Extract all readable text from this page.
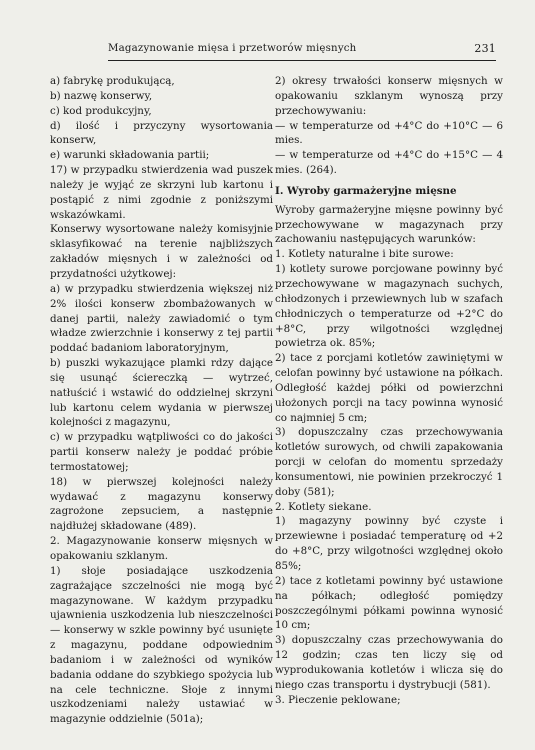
Magazynowanie mięsa i przetworów mięsnych	231

a) fabrykę produkującą,

b) nazwę konserwy,

c) kod produkcyjny,

d) ilość i przyczyny wysortowania konserw,

e) warunki składowania partii;

17) w przypadku stwierdzenia wad puszek należy je wyjąć ze skrzyni lub kartonu i postąpić z nimi zgodnie z poniższymi wskazówkami.

Konserwy wysortowane należy komisyjnie sklasyfikować na terenie najbliższych zakładów mięsnych i w zależności od przydatności użytkowej:

a) w przypadku stwierdzenia większej niż 2% ilości konserw zbombażowanych w danej partii, należy zawiadomić o tym władze zwierzchnie i konserwy z tej partii poddać badaniom laboratoryjnym,

b) puszki wykazujące plamki rdzy dające się usunąć ściereczką — wytrzeć, natłuścić i wstawić do oddzielnej skrzyni lub kartonu celem wydania w pierwszej kolejności z magazynu,

c) w przypadku wątpliwości co do jakości partii konserw należy je poddać próbie termostatowej;

18) w pierwszej kolejności należy wydawać z magazynu konserwy zagrożone zepsuciem, a następnie najdłużej składowane (489).

2. Magazynowanie konserw mięsnych w opakowaniu szklanym.

1) słoje posiadające uszkodzenia zagrażające szczelności nie mogą być magazynowane. W każdym przypadku ujawnienia uszkodzenia lub nieszczelności — konserwy w szkle powinny być usunięte z magazynu, poddane odpowiednim badaniom i w zależności od wyników badania oddane do szybkiego spożycia lub na cele techniczne. Słoje z innymi uszkodzeniami należy ustawiać w magazynie oddzielnie (501a);

2) okresy trwałości konserw mięsnych w opakowaniu szklanym wynoszą przy przechowywaniu:

— w temperaturze od +4°C do +10°C — 6 mies.

— w temperaturze od +4°C do +15°C — 4 mies. (264).

I. Wyroby garmażeryjne mięsne

Wyroby garmażeryjne mięsne powinny być przechowywane w magazynach przy zachowaniu następujących warunków:

1. Kotlety naturalne i bite surowe:

1) kotlety surowe porcjowane powinny być przechowywane w magazynach suchych, chłodzonych i przewiewnych lub w szafach chłodniczych o temperaturze od +2°C do +8°C, przy wilgotności względnej powietrza ok. 85%;

2) tace z porcjami kotletów zawiniętymi w celofan powinny być ustawione na półkach. Odległość każdej półki od powierzchni ułożonych porcji na tacy powinna wynosić co najmniej 5 cm;

3) dopuszczalny czas przechowywania kotletów surowych, od chwili zapakowania porcji w celofan do momentu sprzedaży konsumentowi, nie powinien przekroczyć 1 doby (581);

2. Kotlety siekane.

1) magazyny powinny być czyste i przewiewne i posiadać temperaturę od +2 do +8°C, przy wilgotności względnej około 85%;

2) tace z kotletami powinny być ustawione na półkach; odległość pomiędzy poszczególnymi półkami powinna wynosić 10 cm;

3) dopuszczalny czas przechowywania do 12 godzin; czas ten liczy się od wyprodukowania kotletów i wlicza się do niego czas transportu i dystrybucji (581).

3. Pieczenie peklowane;
